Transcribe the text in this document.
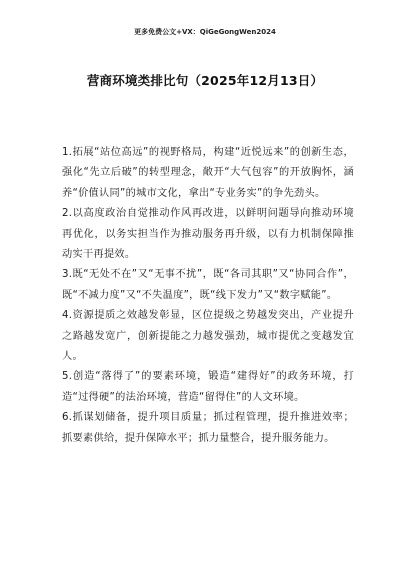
更多免费公文+VX：QiGeGongWen2024
营商环境类排比句（2025年12月13日）

1.拓展“站位高远”的视野格局，构建“近悦远来”的创新生态，强化“先立后破”的转型理念，敞开“大气包容”的开放胸怀，涵养“价值认同”的城市文化，拿出“专业务实”的争先劲头。

2.以高度政治自觉推动作风再改进，以鲜明问题导向推动环境再优化，以务实担当作为推动服务再升级，以有力机制保障推动实干再提效。

3.既“无处不在”又“无事不扰”，既“各司其职”又“协同合作”，既“不减力度”又“不失温度”，既“线下发力”又“数字赋能”。

4.资源提质之效越发彰显，区位提级之势越发突出，产业提升之路越发宽广，创新提能之力越发强劲，城市提优之变越发宜人。

5.创造“落得了”的要素环境，锻造“建得好”的政务环境，打造“过得硬”的法治环境，营造“留得住”的人文环境。

6.抓谋划储备，提升项目质量；抓过程管理，提升推进效率；抓要素供给，提升保障水平；抓力量整合，提升服务能力。
